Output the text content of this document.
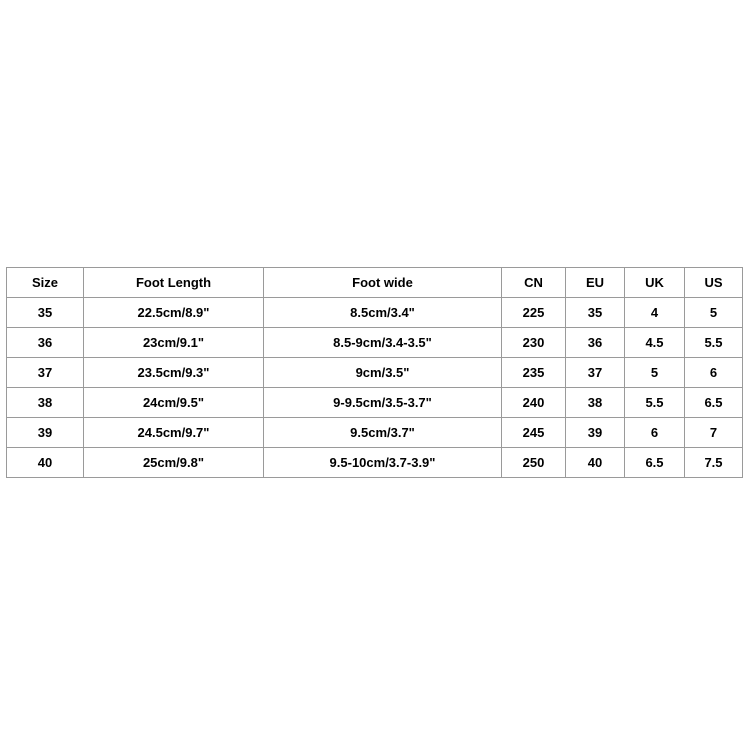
Size	Foot Length	Foot wide	CN	EU	UK	US
35	22.5cm/8.9"	8.5cm/3.4"	225	35	4	5
36	23cm/9.1"	8.5-9cm/3.4-3.5"	230	36	4.5	5.5
37	23.5cm/9.3"	9cm/3.5"	235	37	5	6
38	24cm/9.5"	9-9.5cm/3.5-3.7"	240	38	5.5	6.5
39	24.5cm/9.7"	9.5cm/3.7"	245	39	6	7
40	25cm/9.8"	9.5-10cm/3.7-3.9"	250	40	6.5	7.5
